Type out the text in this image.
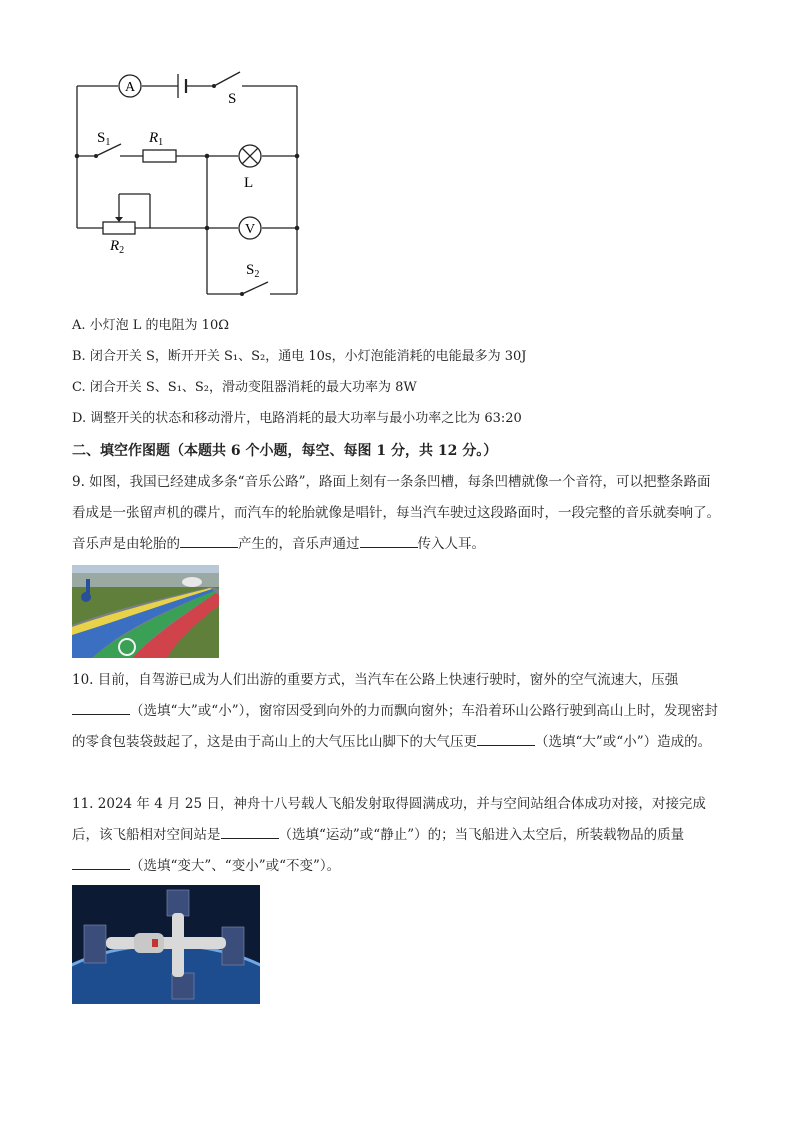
A
S
$S_1$	$R_1$
L
V
$R_2$
$S_2$
A. 小灯泡 L 的电阻为 10Ω
B. 闭合开关 S，断开开关 S₁、S₂，通电 10s，小灯泡能消耗的电能最多为 30J
C. 闭合开关 S、S₁、S₂，滑动变阻器消耗的最大功率为 8W
D. 调整开关的状态和移动滑片，电路消耗的最大功率与最小功率之比为 63:20
二、填空作图题（本题共 6 个小题，每空、每图 1 分，共 12 分。）
9. 如图，我国已经建成多条“音乐公路”，路面上刻有一条条凹槽，每条凹槽就像一个音符，可以把整条路面看成是一张留声机的碟片，而汽车的轮胎就像是唱针，每当汽车驶过这段路面时，一段完整的音乐就奏响了。音乐声是由轮胎的	产生的，音乐声通过	传入人耳。
10. 目前，自驾游已成为人们出游的重要方式，当汽车在公路上快速行驶时，窗外的空气流速大，压强（选填“大”或“小”），窗帘因受到向外的力而飘向窗外；车沿着环山公路行驶到高山上时，发现密封的零食包装袋鼓起了，这是由于高山上的大气压比山脚下的大气压更	（选填“大”或“小”）造成的。
11. 2024 年 4 月 25 日，神舟十八号载人飞船发射取得圆满成功，并与空间站组合体成功对接，对接完成后，该飞船相对空间站是	（选填“运动”或“静止”）的；当飞船进入太空后，所装载物品的质量（选填“变大”、“变小”或“不变”）。
